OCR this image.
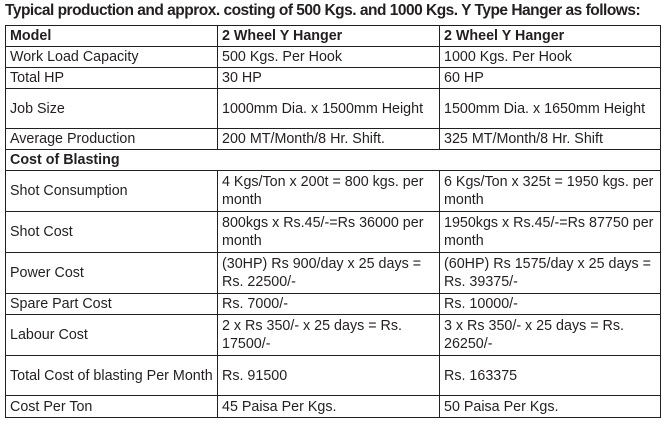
Typical production and approx. costing of 500 Kgs. and 1000 Kgs. Y Type Hanger as follows:
Model	2 Wheel Y Hanger	2 Wheel Y Hanger
Work Load Capacity	500 Kgs. Per Hook	1000 Kgs. Per Hook
Total HP	30 HP	60 HP
Job Size	1000mm Dia. x 1500mm Height	1500mm Dia. x 1650mm Height
Average Production	200 MT/Month/8 Hr. Shift.	325 MT/Month/8 Hr. Shift
Cost of Blasting		
Shot Consumption	4 Kgs/Ton x 200t = 800 kgs. per month	6 Kgs/Ton x 325t = 1950 kgs. per month
Shot Cost	800kgs x Rs.45/-=Rs 36000 per month	1950kgs x Rs.45/-=Rs 87750 per month
Power Cost	(30HP) Rs 900/day x 25 days = Rs. 22500/-	(60HP) Rs 1575/day x 25 days = Rs. 39375/-
Spare Part Cost	Rs. 7000/-	Rs. 10000/-
Labour Cost	2 x Rs 350/- x 25 days = Rs. 17500/-	3 x Rs 350/- x 25 days = Rs. 26250/-
Total Cost of blasting Per Month	Rs. 91500	Rs. 163375
Cost Per Ton	45 Paisa Per Kgs.	50 Paisa Per Kgs.
